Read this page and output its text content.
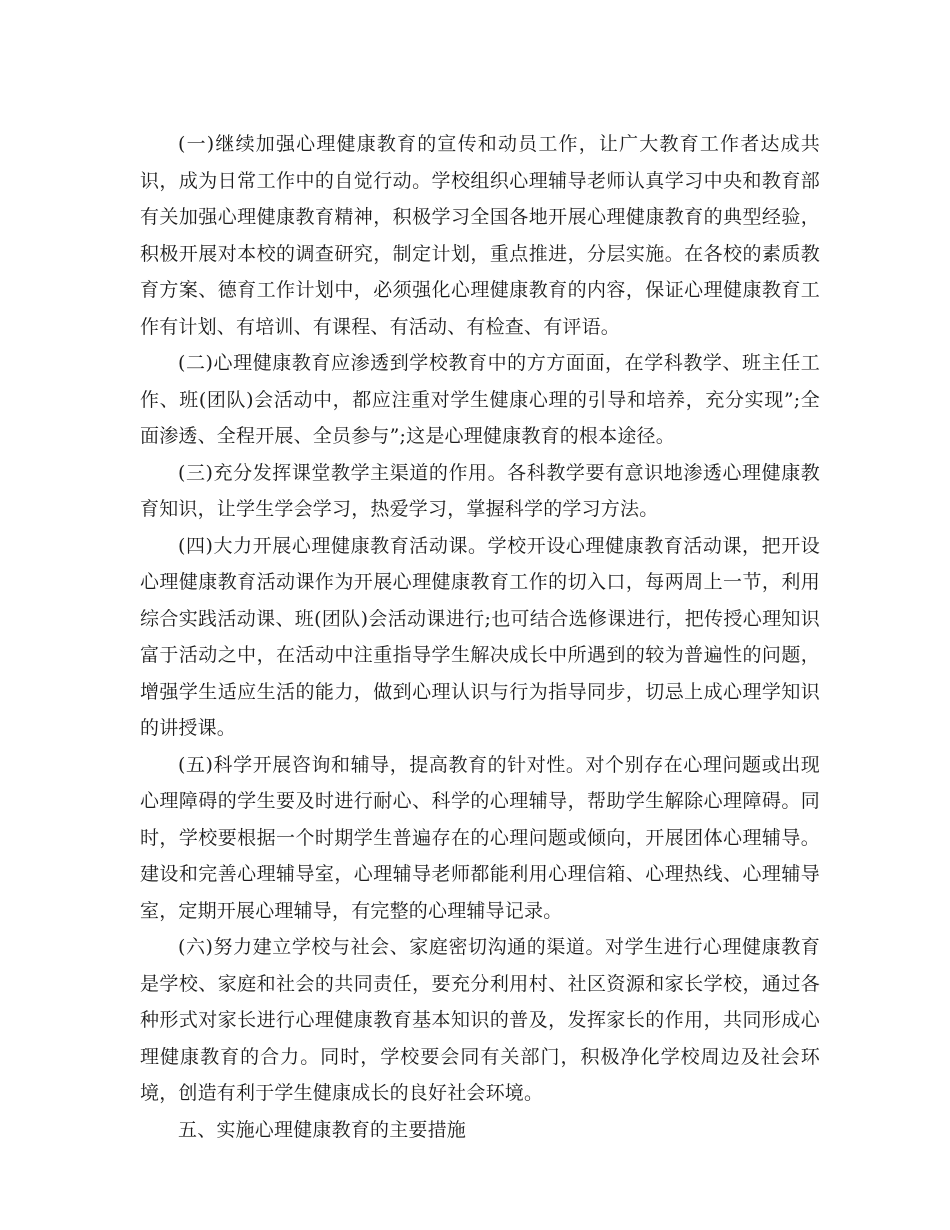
(一)继续加强心理健康教育的宣传和动员工作，让广大教育工作者达成共识，成为日常工作中的自觉行动。学校组织心理辅导老师认真学习中央和教育部有关加强心理健康教育精神，积极学习全国各地开展心理健康教育的典型经验，积极开展对本校的调查研究，制定计划，重点推进，分层实施。在各校的素质教育方案、德育工作计划中，必须强化心理健康教育的内容，保证心理健康教育工作有计划、有培训、有课程、有活动、有检查、有评语。

(二)心理健康教育应渗透到学校教育中的方方面面，在学科教学、班主任工作、班(团队)会活动中，都应注重对学生健康心理的引导和培养，充分实现”;全面渗透、全程开展、全员参与”;这是心理健康教育的根本途径。

(三)充分发挥课堂教学主渠道的作用。各科教学要有意识地渗透心理健康教育知识，让学生学会学习，热爱学习，掌握科学的学习方法。

(四)大力开展心理健康教育活动课。学校开设心理健康教育活动课，把开设心理健康教育活动课作为开展心理健康教育工作的切入口，每两周上一节，利用综合实践活动课、班(团队)会活动课进行;也可结合选修课进行，把传授心理知识富于活动之中，在活动中注重指导学生解决成长中所遇到的较为普遍性的问题，增强学生适应生活的能力，做到心理认识与行为指导同步，切忌上成心理学知识的讲授课。

(五)科学开展咨询和辅导，提高教育的针对性。对个别存在心理问题或出现心理障碍的学生要及时进行耐心、科学的心理辅导，帮助学生解除心理障碍。同时，学校要根据一个时期学生普遍存在的心理问题或倾向，开展团体心理辅导。建设和完善心理辅导室，心理辅导老师都能利用心理信箱、心理热线、心理辅导室，定期开展心理辅导，有完整的心理辅导记录。

(六)努力建立学校与社会、家庭密切沟通的渠道。对学生进行心理健康教育是学校、家庭和社会的共同责任，要充分利用村、社区资源和家长学校，通过各种形式对家长进行心理健康教育基本知识的普及，发挥家长的作用，共同形成心理健康教育的合力。同时，学校要会同有关部门，积极净化学校周边及社会环境，创造有利于学生健康成长的良好社会环境。

五、实施心理健康教育的主要措施
